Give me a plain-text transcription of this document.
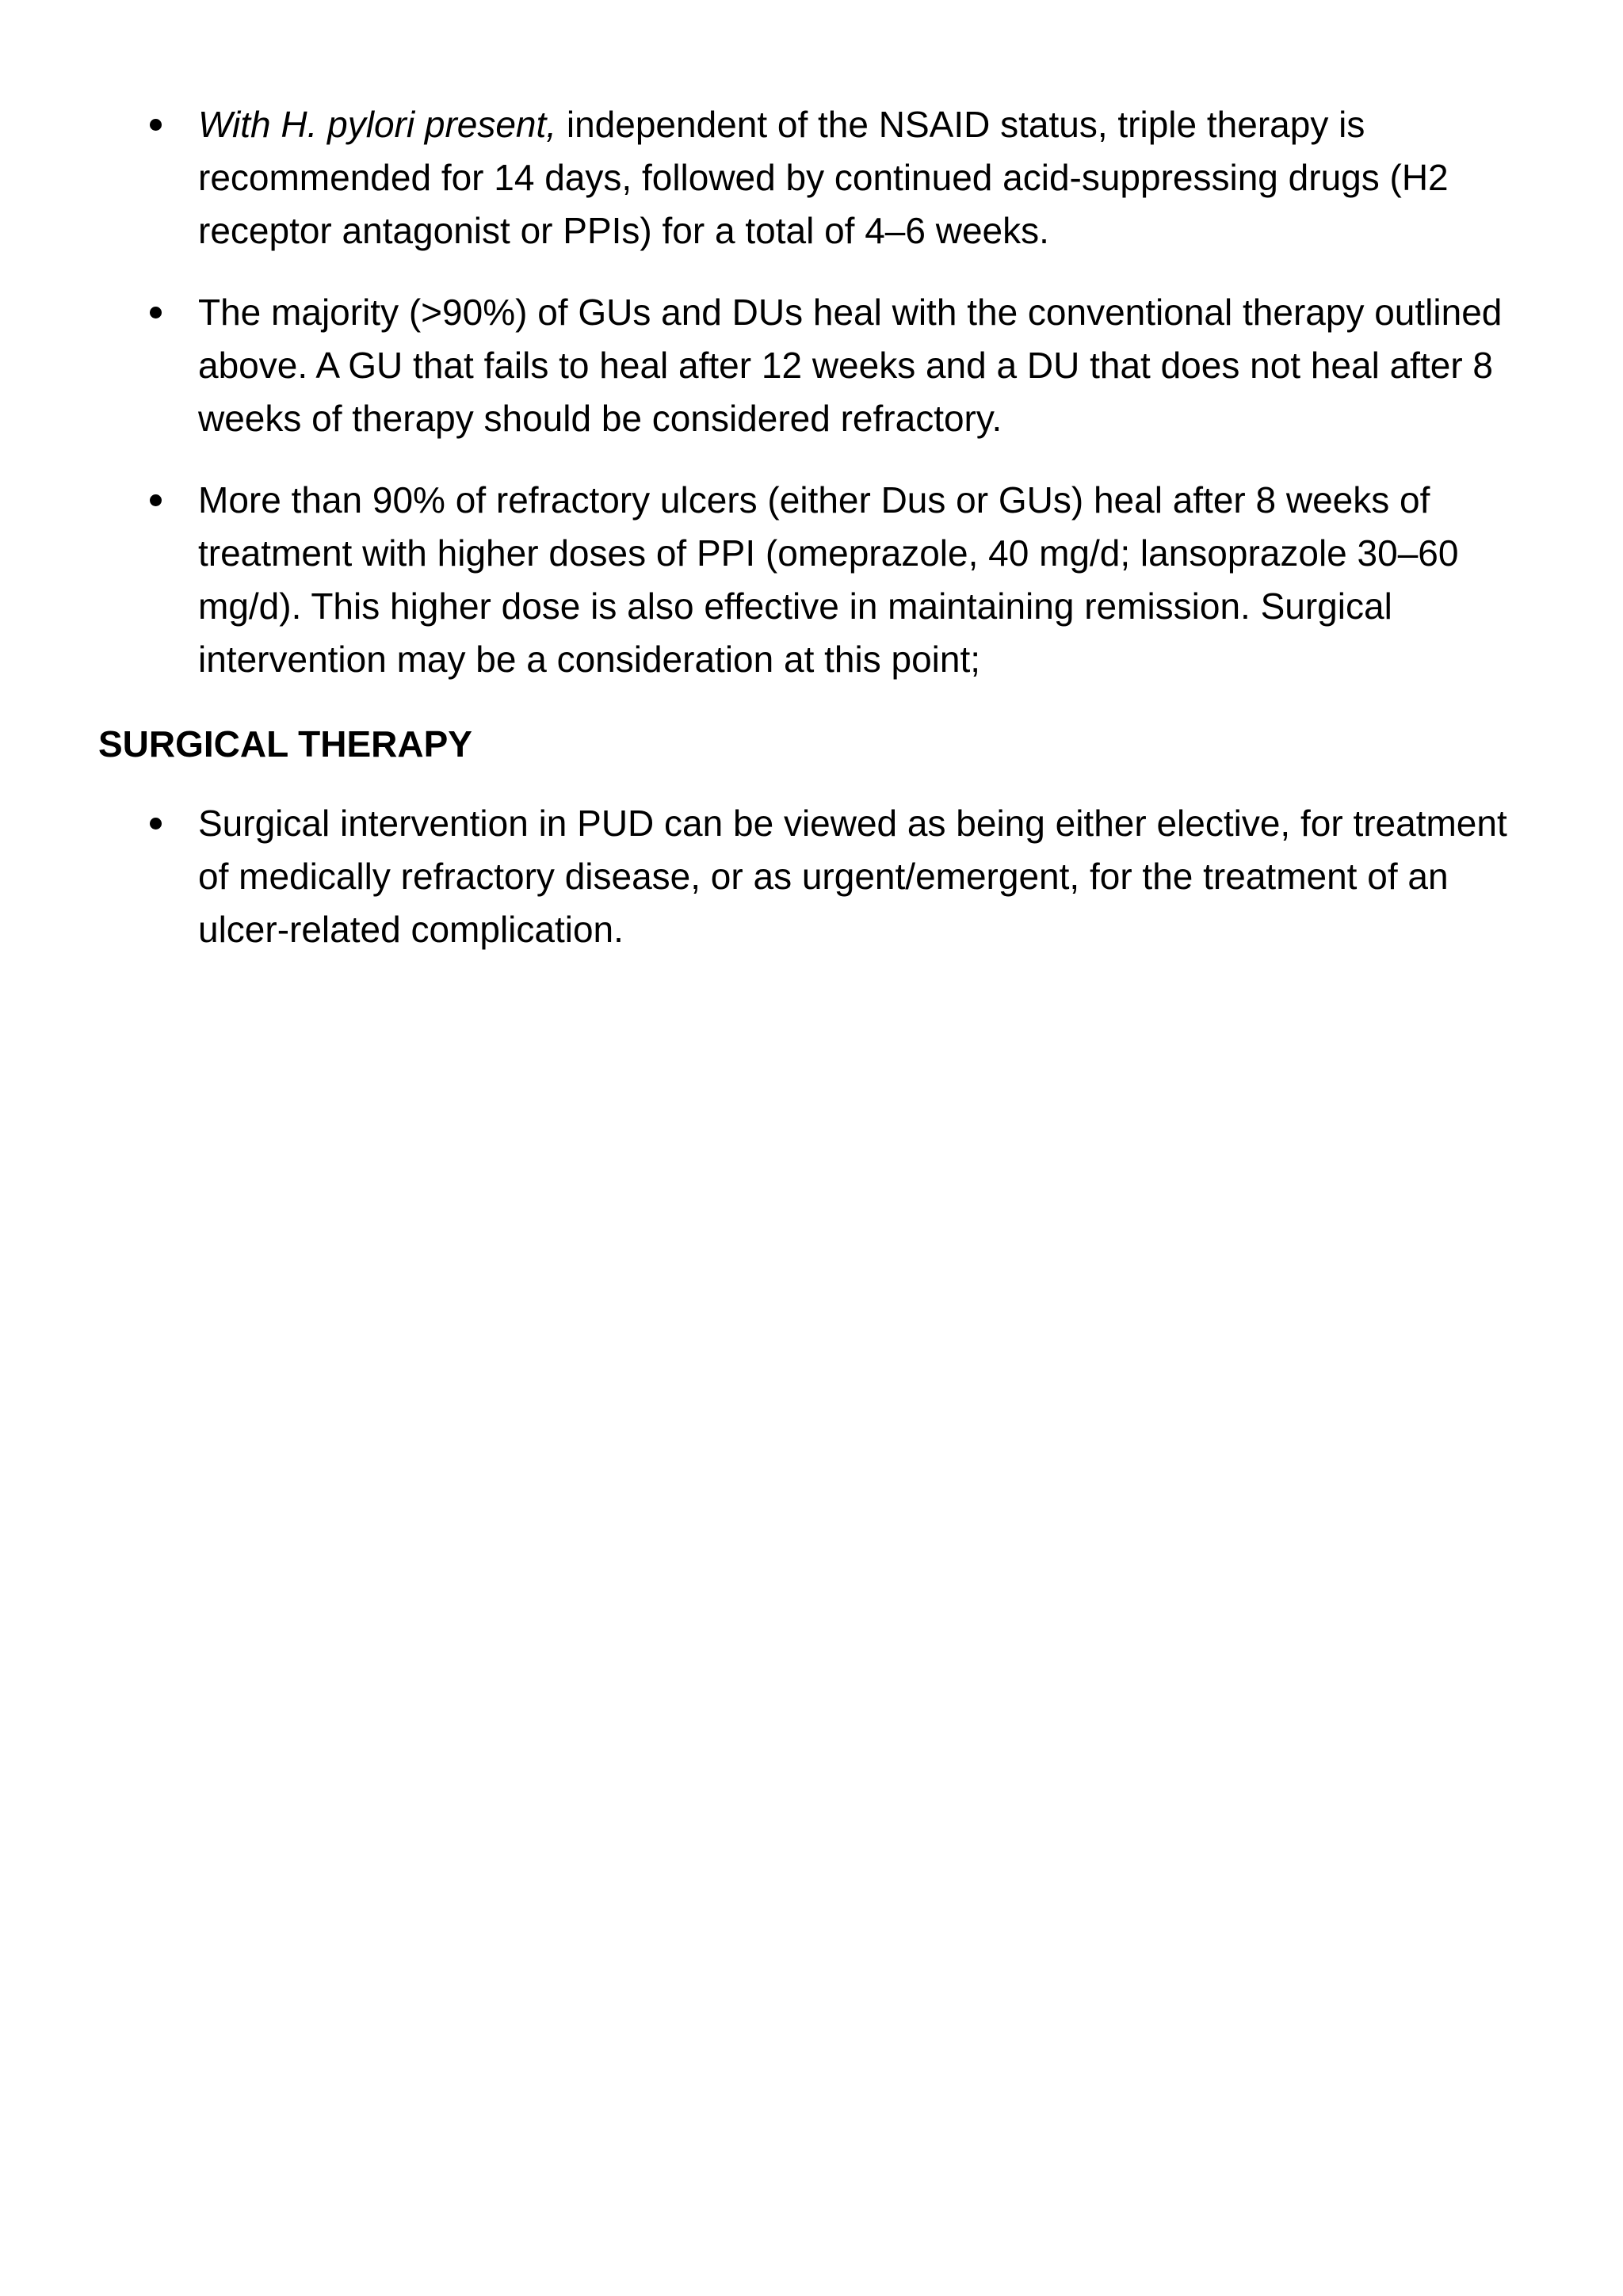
With H. pylori present, independent of the NSAID status, triple therapy is recommended for 14 days, followed by continued acid-suppressing drugs (H2 receptor antagonist or PPIs) for a total of 4–6 weeks.
The majority (>90%) of GUs and DUs heal with the conventional therapy outlined above. A GU that fails to heal after 12 weeks and a DU that does not heal after 8 weeks of therapy should be considered refractory.
More than 90% of refractory ulcers (either Dus or GUs) heal after 8 weeks of treatment with higher doses of PPI (omeprazole, 40 mg/d; lansoprazole 30–60 mg/d). This higher dose is also effective in maintaining remission. Surgical intervention may be a consideration at this point;
SURGICAL THERAPY
Surgical intervention in PUD can be viewed as being either elective, for treatment of medically refractory disease, or as urgent/emergent, for the treatment of an ulcer-related complication.
